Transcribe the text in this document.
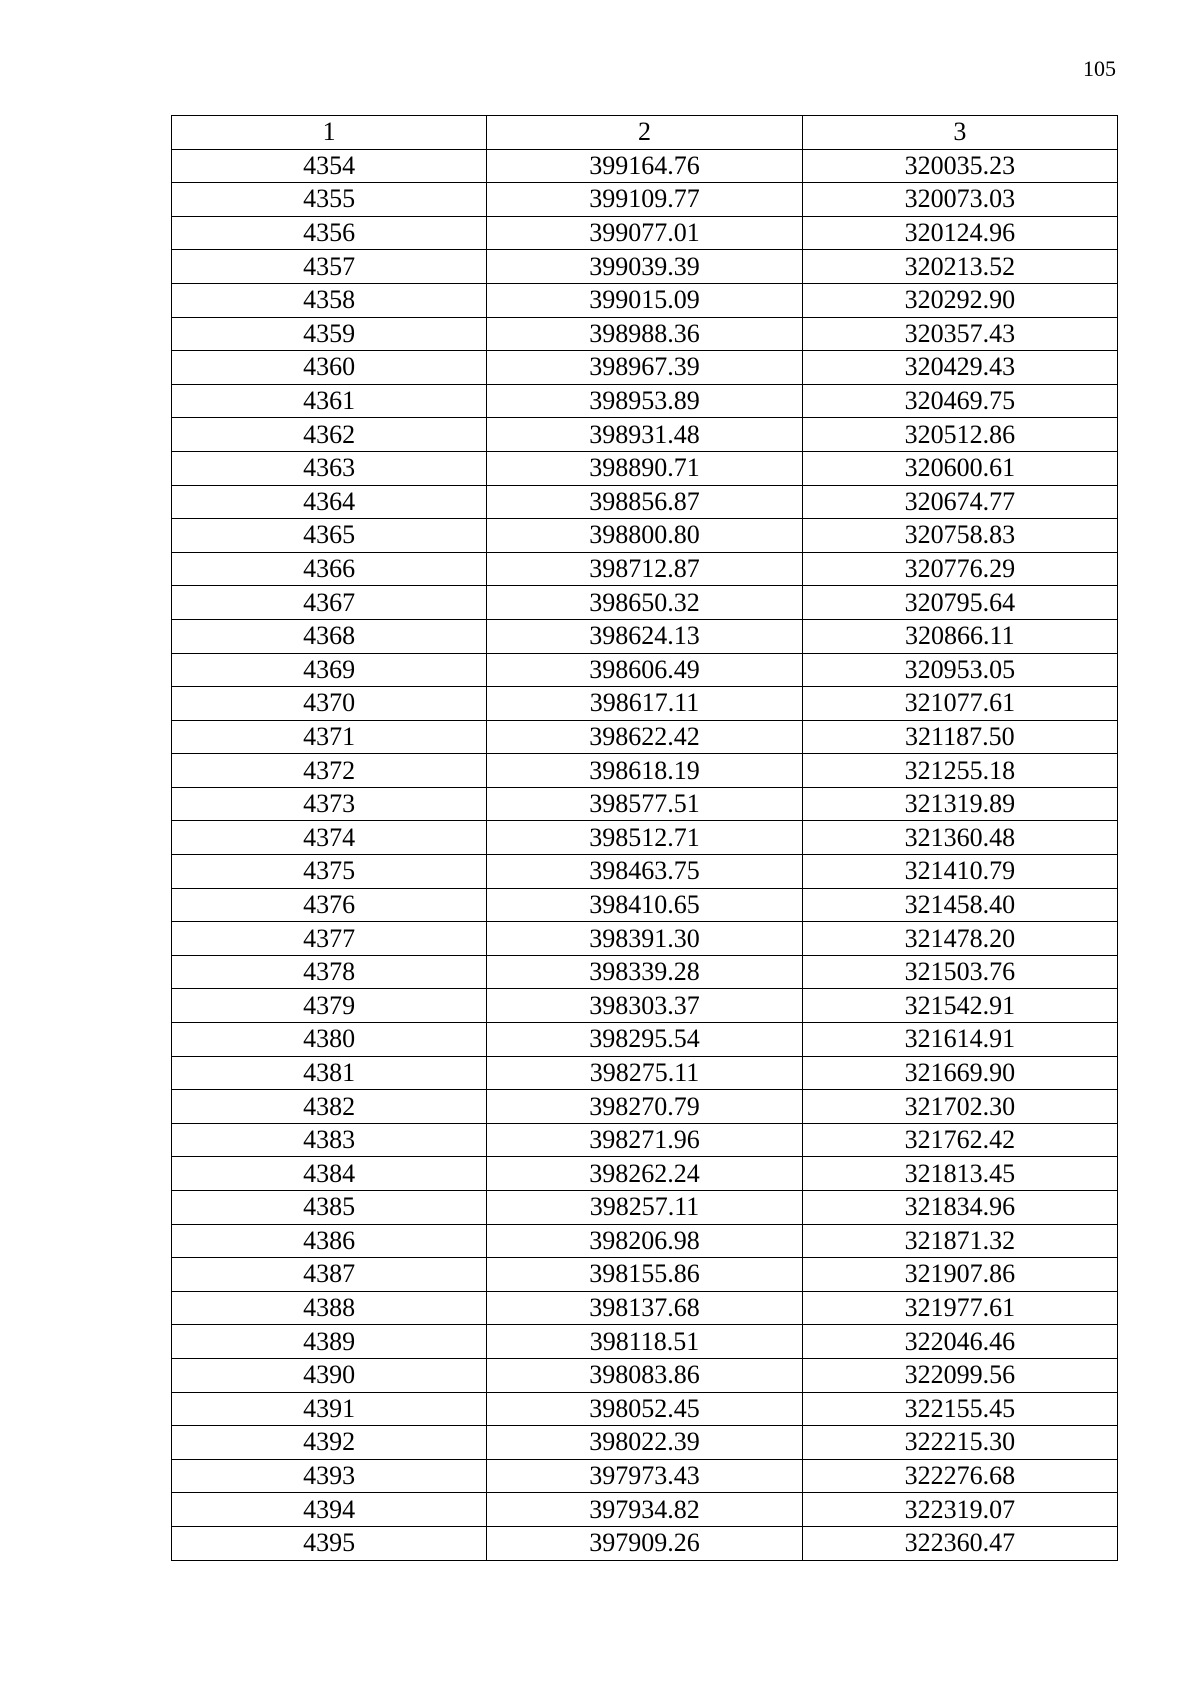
105
1	2	3
4354	399164.76	320035.23
4355	399109.77	320073.03
4356	399077.01	320124.96
4357	399039.39	320213.52
4358	399015.09	320292.90
4359	398988.36	320357.43
4360	398967.39	320429.43
4361	398953.89	320469.75
4362	398931.48	320512.86
4363	398890.71	320600.61
4364	398856.87	320674.77
4365	398800.80	320758.83
4366	398712.87	320776.29
4367	398650.32	320795.64
4368	398624.13	320866.11
4369	398606.49	320953.05
4370	398617.11	321077.61
4371	398622.42	321187.50
4372	398618.19	321255.18
4373	398577.51	321319.89
4374	398512.71	321360.48
4375	398463.75	321410.79
4376	398410.65	321458.40
4377	398391.30	321478.20
4378	398339.28	321503.76
4379	398303.37	321542.91
4380	398295.54	321614.91
4381	398275.11	321669.90
4382	398270.79	321702.30
4383	398271.96	321762.42
4384	398262.24	321813.45
4385	398257.11	321834.96
4386	398206.98	321871.32
4387	398155.86	321907.86
4388	398137.68	321977.61
4389	398118.51	322046.46
4390	398083.86	322099.56
4391	398052.45	322155.45
4392	398022.39	322215.30
4393	397973.43	322276.68
4394	397934.82	322319.07
4395	397909.26	322360.47
